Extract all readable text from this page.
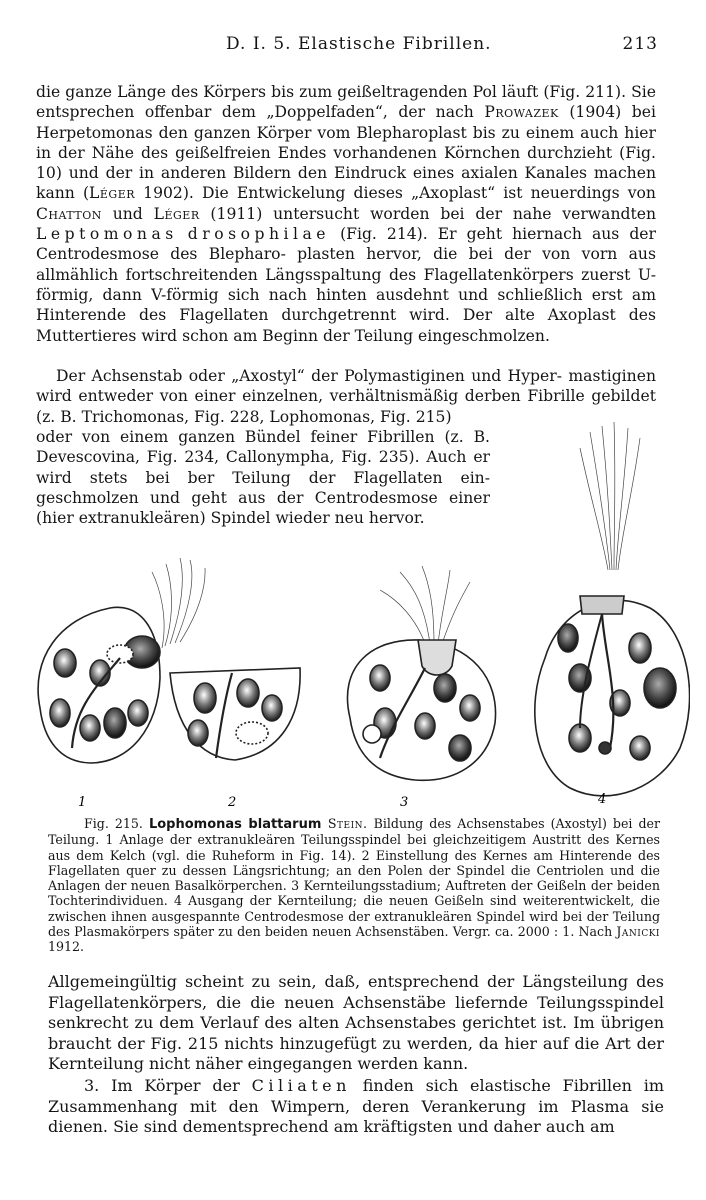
D. I. 5. Elastische Fibrillen.	213

die ganze Länge des Körpers bis zum geißeltragenden Pol läuft (Fig. 211). Sie entsprechen offenbar dem „Doppelfaden“, der nach Prowazek (1904) bei Herpetomonas den ganzen Körper vom Blepharoplast bis zu einem auch hier in der Nähe des geißelfreien Endes vorhandenen Körnchen durchzieht (Fig. 10) und der in anderen Bildern den Eindruck eines axialen Kanales machen kann (Léger 1902). Die Entwickelung dieses „Axoplast“ ist neuerdings von Chatton und Léger (1911) untersucht worden bei der nahe verwandten Leptomonas drosophilae (Fig. 214). Er geht hiernach aus der Centrodesmose des Blepharo- plasten hervor, die bei der von vorn aus allmählich fortschreitenden Längsspaltung des Flagellatenkörpers zuerst U-förmig, dann V-förmig sich nach hinten ausdehnt und schließlich erst am Hinterende des Flagellaten durchgetrennt wird. Der alte Axoplast des Muttertieres wird schon am Beginn der Teilung eingeschmolzen.

Der Achsenstab oder „Axostyl“ der Polymastiginen und Hyper- mastiginen wird entweder von einer einzelnen, verhältnismäßig derben Fibrille gebildet (z. B. Trichomonas, Fig. 228, Lophomonas, Fig. 215)

oder von einem ganzen Bündel feiner Fibrillen (z. B. Devescovina, Fig. 234, Callonympha, Fig. 235). Auch er wird stets bei ber Teilung der Flagellaten ein- geschmolzen und geht aus der Centrodesmose einer (hier extranukleären) Spindel wieder neu hervor.

1	2	3	4

Fig. 215. Lophomonas blattarum Stein. Bildung des Achsenstabes (Axostyl) bei der Teilung. 1 Anlage der extranukleären Teilungsspindel bei gleichzeitigem Austritt des Kernes aus dem Kelch (vgl. die Ruheform in Fig. 14). 2 Einstellung des Kernes am Hinterende des Flagellaten quer zu dessen Längsrichtung; an den Polen der Spindel die Centriolen und die Anlagen der neuen Basalkörperchen. 3 Kernteilungsstadium; Auftreten der Geißeln der beiden Tochterindividuen. 4 Ausgang der Kernteilung; die neuen Geißeln sind weiterentwickelt, die zwischen ihnen ausgespannte Centrodesmose der extranukleären Spindel wird bei der Teilung des Plasmakörpers später zu den beiden neuen Achsenstäben. Vergr. ca. 2000 : 1. Nach Janicki 1912.

Allgemeingültig scheint zu sein, daß, entsprechend der Längsteilung des Flagellatenkörpers, die die neuen Achsenstäbe liefernde Teilungsspindel senkrecht zu dem Verlauf des alten Achsenstabes gerichtet ist. Im übrigen braucht der Fig. 215 nichts hinzugefügt zu werden, da hier auf die Art der Kernteilung nicht näher eingegangen werden kann.

3. Im Körper der Ciliaten finden sich elastische Fibrillen im Zusammenhang mit den Wimpern, deren Verankerung im Plasma sie dienen. Sie sind dementsprechend am kräftigsten und daher auch am
